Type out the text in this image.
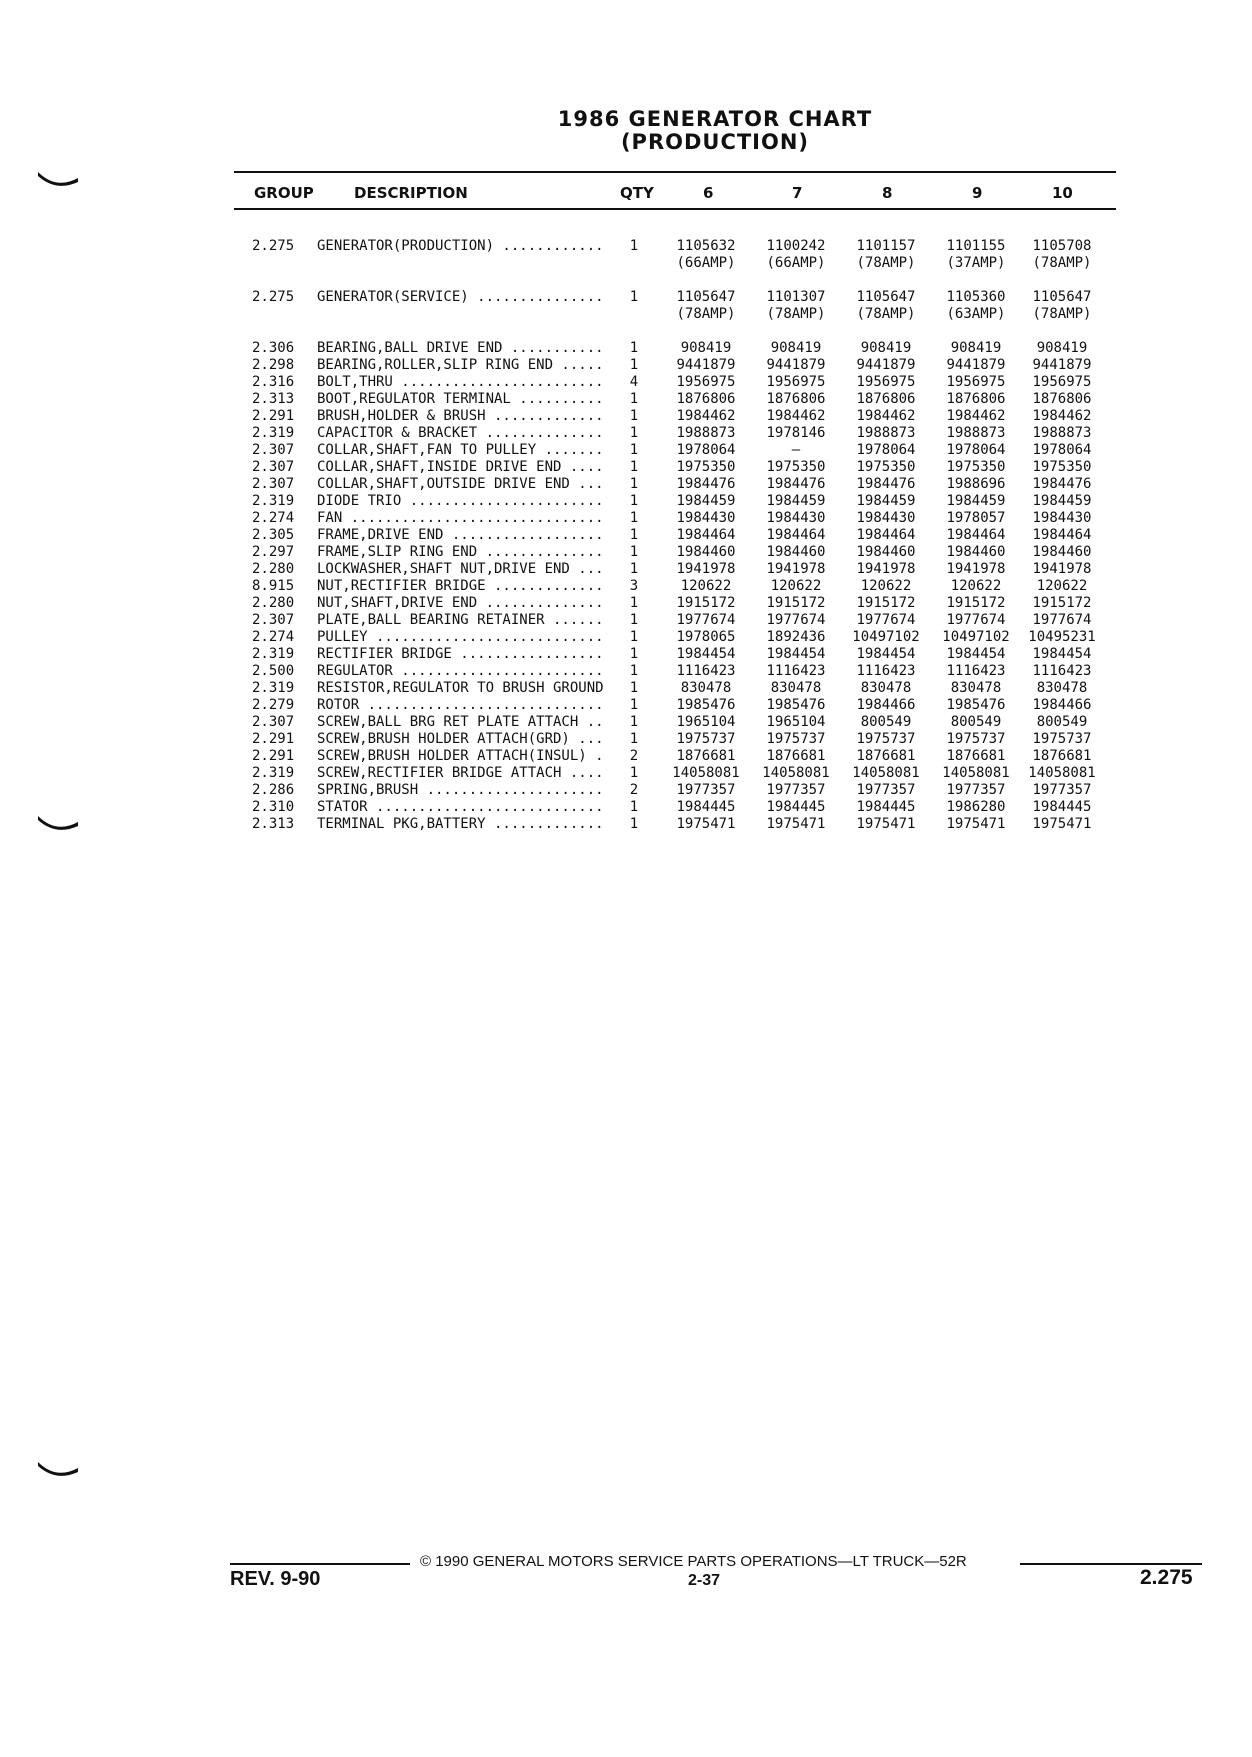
1986 GENERATOR CHART
(PRODUCTION)
GROUP	DESCRIPTION	QTY	6	7	8	9	10
2.275 GENERATOR(PRODUCTION) ............	1	1105632	1100242	1101157	1101155	1105708
(66AMP)	(66AMP)	(78AMP)	(37AMP)	(78AMP)
2.275 GENERATOR(SERVICE) ...............	1	1105647	1101307	1105647	1105360	1105647
(78AMP)	(78AMP)	(78AMP)	(63AMP)	(78AMP)
2.306 BEARING,BALL DRIVE END ...........	1	908419	908419	908419	908419	908419
2.298 BEARING,ROLLER,SLIP RING END .....	1	9441879	9441879	9441879	9441879	9441879
2.316 BOLT,THRU ........................	4	1956975	1956975	1956975	1956975	1956975
2.313 BOOT,REGULATOR TERMINAL ..........	1	1876806	1876806	1876806	1876806	1876806
2.291 BRUSH,HOLDER & BRUSH .............	1	1984462	1984462	1984462	1984462	1984462
2.319 CAPACITOR & BRACKET ..............	1	1988873	1978146	1988873	1988873	1988873
2.307 COLLAR,SHAFT,FAN TO PULLEY .......	1	1978064	—	1978064	1978064	1978064
2.307 COLLAR,SHAFT,INSIDE DRIVE END ....	1	1975350	1975350	1975350	1975350	1975350
2.307 COLLAR,SHAFT,OUTSIDE DRIVE END ...	1	1984476	1984476	1984476	1988696	1984476
2.319 DIODE TRIO .......................	1	1984459	1984459	1984459	1984459	1984459
2.274 FAN ..............................	1	1984430	1984430	1984430	1978057	1984430
2.305 FRAME,DRIVE END ..................	1	1984464	1984464	1984464	1984464	1984464
2.297 FRAME,SLIP RING END ..............	1	1984460	1984460	1984460	1984460	1984460
2.280 LOCKWASHER,SHAFT NUT,DRIVE END ...	1	1941978	1941978	1941978	1941978	1941978
8.915 NUT,RECTIFIER BRIDGE .............	3	120622	120622	120622	120622	120622
2.280 NUT,SHAFT,DRIVE END ..............	1	1915172	1915172	1915172	1915172	1915172
2.307 PLATE,BALL BEARING RETAINER ......	1	1977674	1977674	1977674	1977674	1977674
2.274 PULLEY ...........................	1	1978065	1892436	10497102	10497102	10495231
2.319 RECTIFIER BRIDGE .................	1	1984454	1984454	1984454	1984454	1984454
2.500 REGULATOR ........................	1	1116423	1116423	1116423	1116423	1116423
2.319 RESISTOR,REGULATOR TO BRUSH GROUND	1	830478	830478	830478	830478	830478
2.279 ROTOR ............................	1	1985476	1985476	1984466	1985476	1984466
2.307 SCREW,BALL BRG RET PLATE ATTACH ..	1	1965104	1965104	800549	800549	800549
2.291 SCREW,BRUSH HOLDER ATTACH(GRD) ...	1	1975737	1975737	1975737	1975737	1975737
2.291 SCREW,BRUSH HOLDER ATTACH(INSUL) .	2	1876681	1876681	1876681	1876681	1876681
2.319 SCREW,RECTIFIER BRIDGE ATTACH ....	1	14058081	14058081	14058081	14058081	14058081
2.286 SPRING,BRUSH .....................	2	1977357	1977357	1977357	1977357	1977357
2.310 STATOR ...........................	1	1984445	1984445	1984445	1986280	1984445
2.313 TERMINAL PKG,BATTERY .............	1	1975471	1975471	1975471	1975471	1975471
© 1990 GENERAL MOTORS SERVICE PARTS OPERATIONS—LT TRUCK—52R
REV. 9-90	2-37	2.275
